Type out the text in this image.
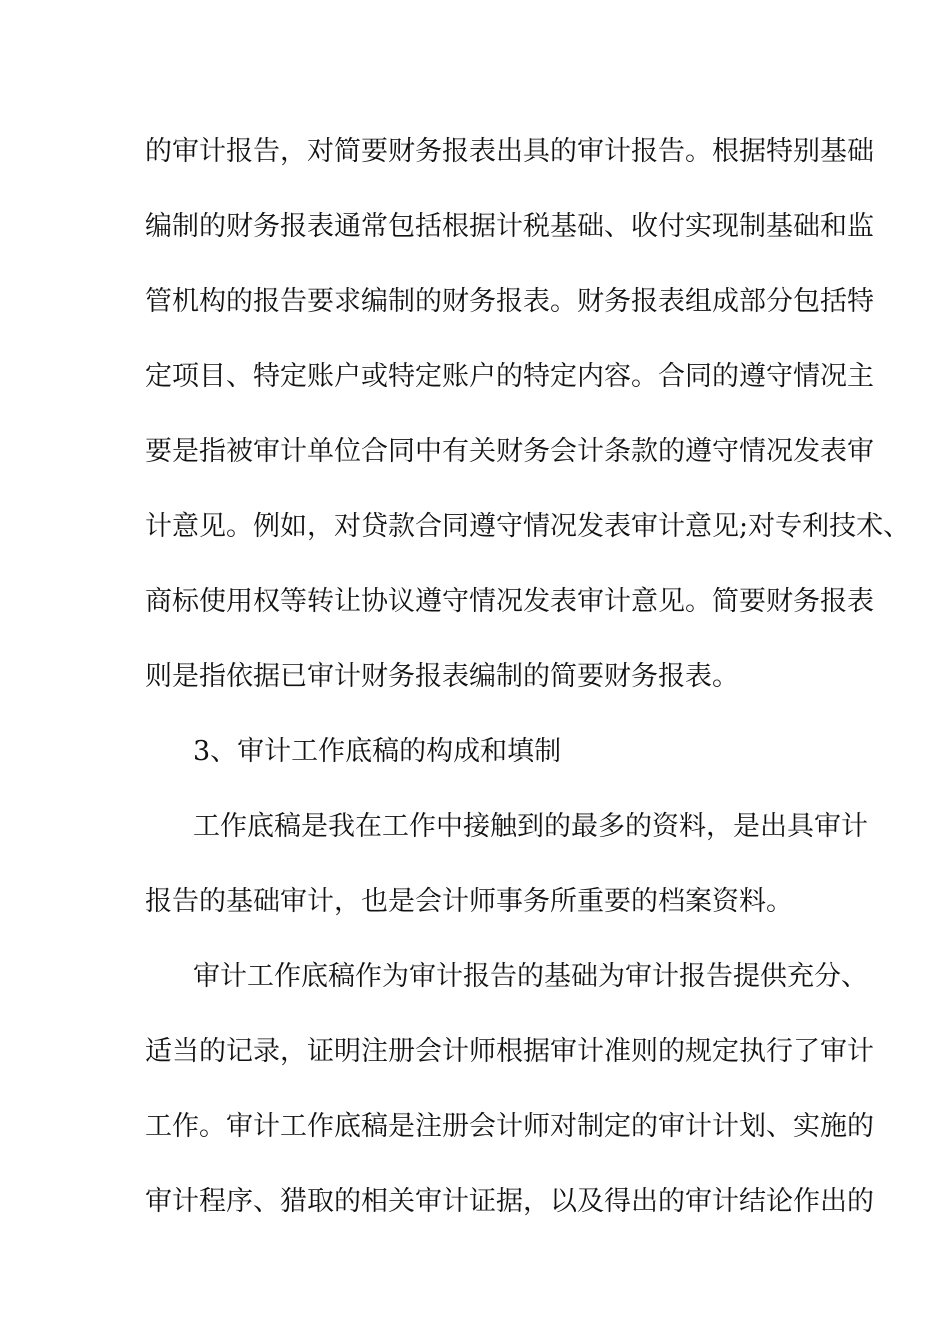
的审计报告，对简要财务报表出具的审计报告。根据特别基础
编制的财务报表通常包括根据计税基础、收付实现制基础和监
管机构的报告要求编制的财务报表。财务报表组成部分包括特
定项目、特定账户或特定账户的特定内容。合同的遵守情况主
要是指被审计单位合同中有关财务会计条款的遵守情况发表审
计意见。例如，对贷款合同遵守情况发表审计意见;对专利技术、
商标使用权等转让协议遵守情况发表审计意见。简要财务报表
则是指依据已审计财务报表编制的简要财务报表。
3、审计工作底稿的构成和填制
工作底稿是我在工作中接触到的最多的资料，是出具审计
报告的基础审计，也是会计师事务所重要的档案资料。
审计工作底稿作为审计报告的基础为审计报告提供充分、
适当的记录，证明注册会计师根据审计准则的规定执行了审计
工作。审计工作底稿是注册会计师对制定的审计计划、实施的
审计程序、猎取的相关审计证据，以及得出的审计结论作出的
